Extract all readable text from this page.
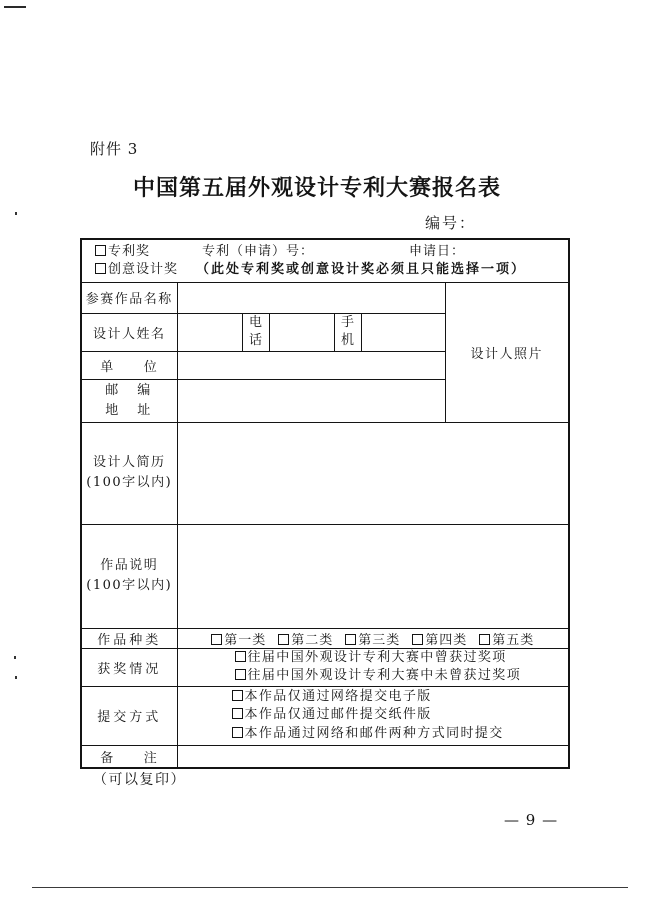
附件 3
中国第五届外观设计专利大赛报名表
编号：
专利奖 专利（申请）号： 申请日：
创意设计奖 （此处专利奖或创意设计奖必须且只能选择一项）						

参赛作品名称						设计人照片
设计人姓名		电话		手机		
单　　位						

邮　编
地　址						

设计人简历
(100字以内)						

作品说明
(100字以内)						

作品种类	第一类 第二类 第三类 第四类 第五类					

获奖情况	往届中国外观设计专利大赛中曾获过奖项
往届中国外观设计专利大赛中未曾获过奖项					

提交方式	本作品仅通过网络提交电子版
本作品仅通过邮件提交纸件版
本作品通过网络和邮件两种方式同时提交					

备　　注						
（可以复印）
— 9 —
